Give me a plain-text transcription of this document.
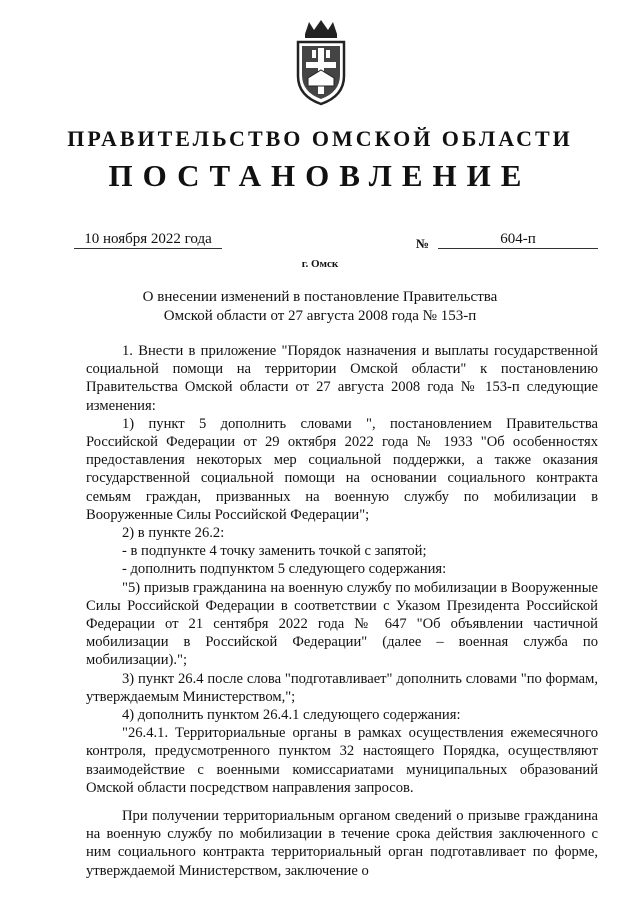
ПРАВИТЕЛЬСТВО ОМСКОЙ ОБЛАСТИ
ПОСТАНОВЛЕНИЕ
10 ноября 2022 года	№	604-п
г. Омск
О внесении изменений в постановление Правительства
Омской области от 27 августа 2008 года № 153-п

1. Внести в приложение "Порядок назначения и выплаты государственной социальной помощи на территории Омской области" к постановлению Правительства Омской области от 27 августа 2008 года № 153-п следующие изменения:

1) пункт 5 дополнить словами ", постановлением Правительства Российской Федерации от 29 октября 2022 года № 1933 "Об особенностях предоставления некоторых мер социальной поддержки, а также оказания государственной социальной помощи на основании социального контракта семьям граждан, призванных на военную службу по мобилизации в Вооруженные Силы Российской Федерации";

2) в пункте 26.2:

- в подпункте 4 точку заменить точкой с запятой;

- дополнить подпунктом 5 следующего содержания:

"5) призыв гражданина на военную службу по мобилизации в Вооруженные Силы Российской Федерации в соответствии с Указом Президента Российской Федерации от 21 сентября 2022 года № 647 "Об объявлении частичной мобилизации в Российской Федерации" (далее – военная служба по мобилизации).";

3) пункт 26.4 после слова "подготавливает" дополнить словами "по формам, утверждаемым Министерством,";

4) дополнить пунктом 26.4.1 следующего содержания:

"26.4.1. Территориальные органы в рамках осуществления ежемесячного контроля, предусмотренного пунктом 32 настоящего Порядка, осуществляют взаимодействие с военными комиссариатами муниципальных образований Омской области посредством направления запросов.

При получении территориальным органом сведений о призыве гражданина на военную службу по мобилизации в течение срока действия заключенного с ним социального контракта территориальный орган подготавливает по форме, утверждаемой Министерством, заключение о
